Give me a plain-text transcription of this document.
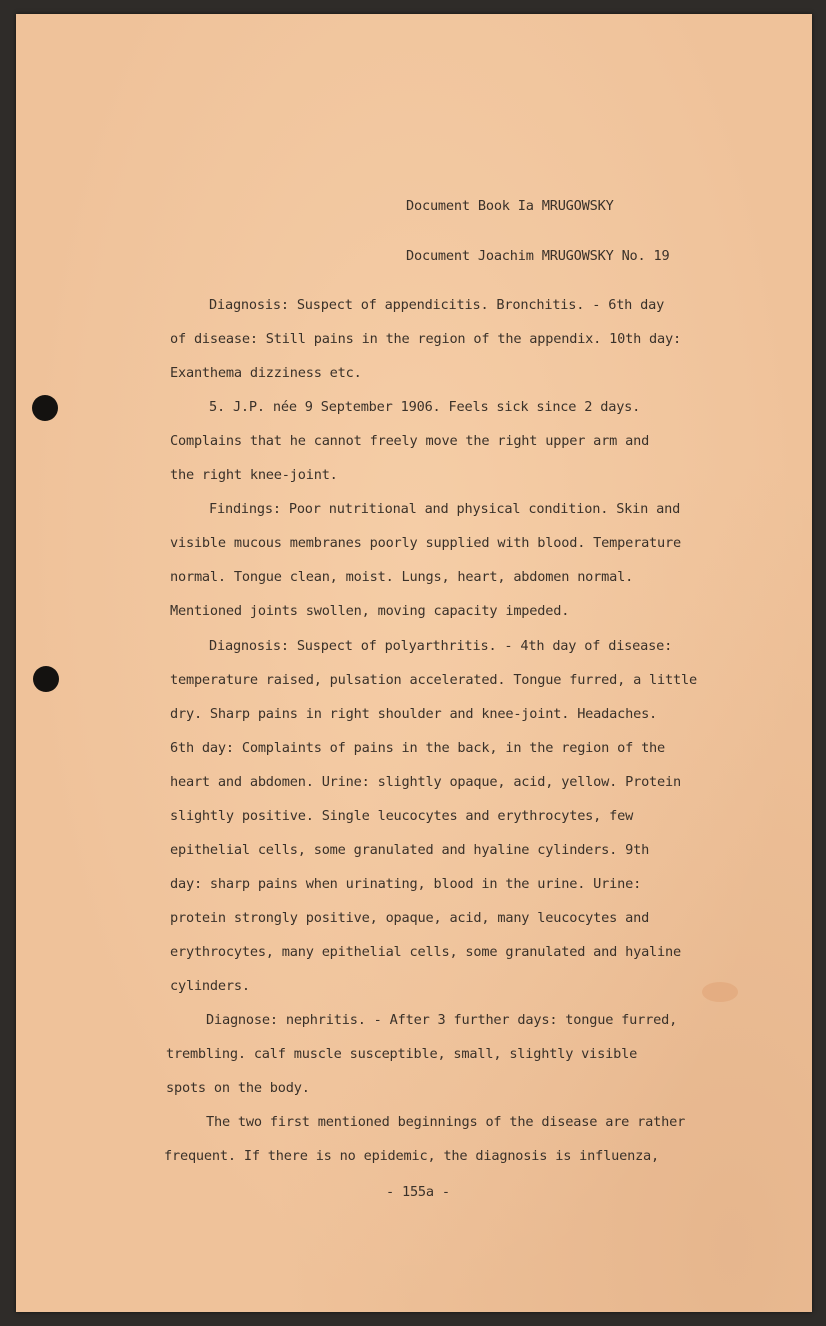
Document Book Ia MRUGOWSKY
Document Joachim MRUGOWSKY No. 19
Diagnosis: Suspect of appendicitis. Bronchitis. - 6th day
of disease: Still pains in the region of the appendix. 10th day:
Exanthema dizziness etc.
5. J.P. née 9 September 1906. Feels sick since 2 days.
Complains that he cannot freely move the right upper arm and
the right knee-joint.
Findings: Poor nutritional and physical condition. Skin and
visible mucous membranes poorly supplied with blood. Temperature
normal. Tongue clean, moist. Lungs, heart, abdomen normal.
Mentioned joints swollen, moving capacity impeded.
Diagnosis: Suspect of polyarthritis. - 4th day of disease:
temperature raised, pulsation accelerated. Tongue furred, a little
dry. Sharp pains in right shoulder and knee-joint. Headaches.
6th day: Complaints of pains in the back, in the region of the
heart and abdomen. Urine: slightly opaque, acid, yellow. Protein
slightly positive. Single leucocytes and erythrocytes, few
epithelial cells, some granulated and hyaline cylinders. 9th
day: sharp pains when urinating, blood in the urine. Urine:
protein strongly positive, opaque, acid, many leucocytes and
erythrocytes, many epithelial cells, some granulated and hyaline
cylinders.
Diagnose: nephritis. - After 3 further days: tongue furred,
trembling. calf muscle susceptible, small, slightly visible
spots on the body.
The two first mentioned beginnings of the disease are rather
frequent. If there is no epidemic, the diagnosis is influenza,
- 155a -
